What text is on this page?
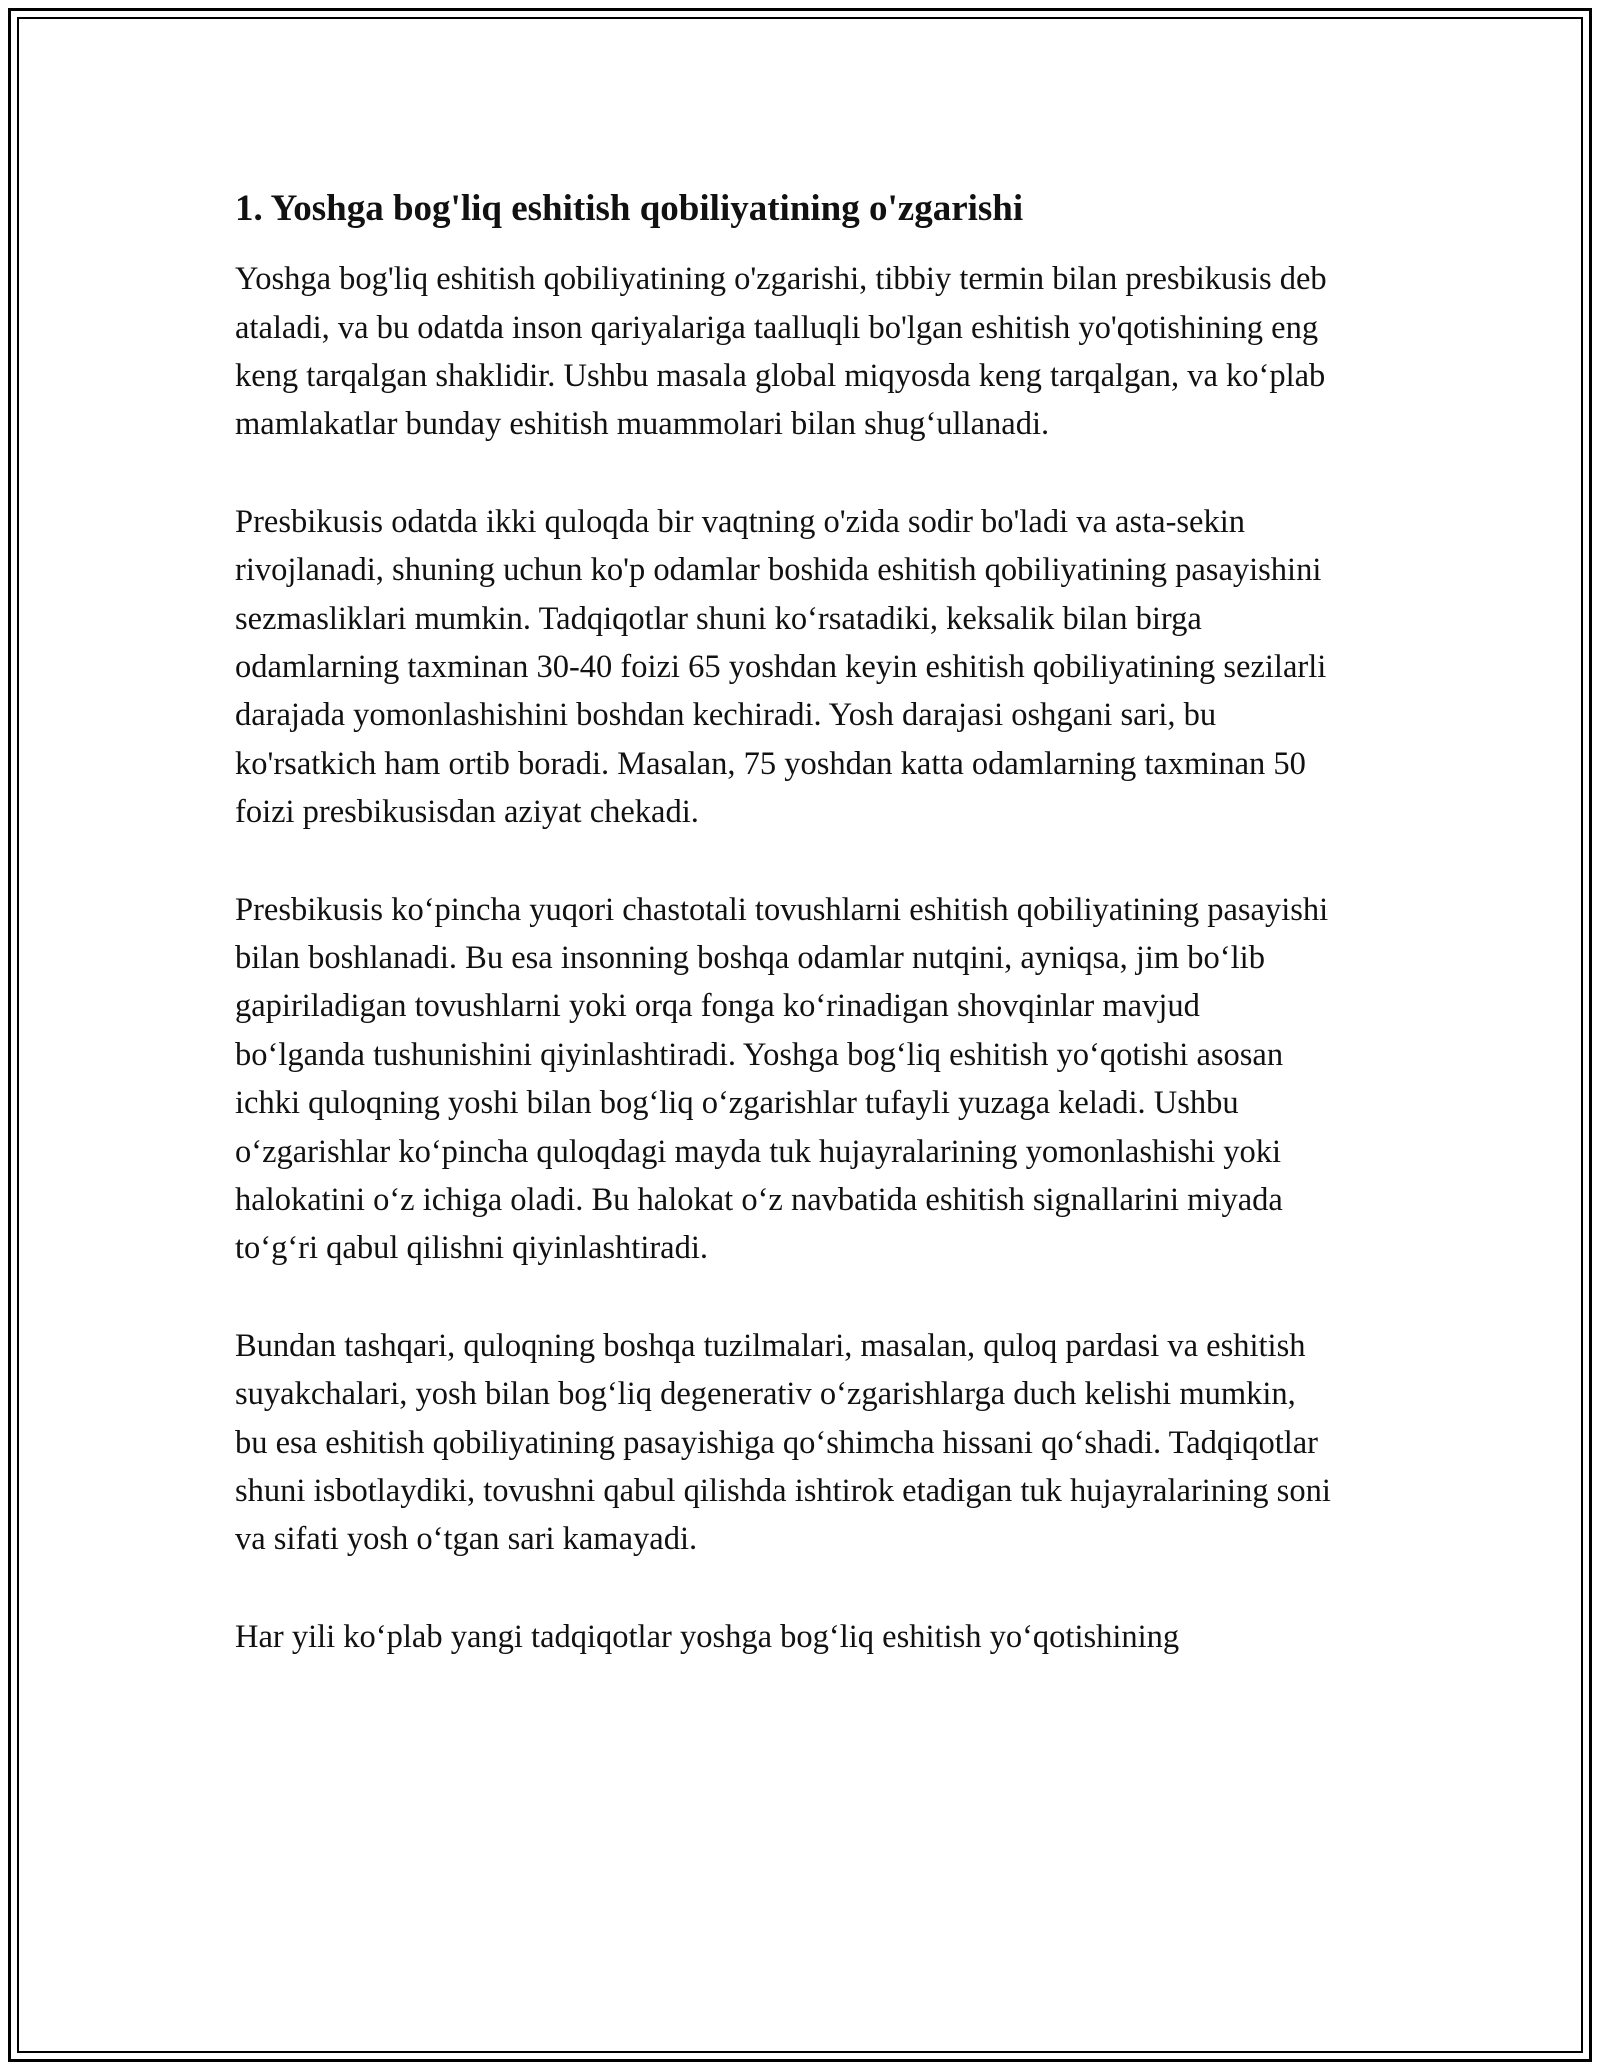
1. Yoshga bog'liq eshitish qobiliyatining o'zgarishi

Yoshga bog'liq eshitish qobiliyatining o'zgarishi, tibbiy termin bilan presbikusis deb ataladi, va bu odatda inson qariyalariga taalluqli bo'lgan eshitish yo'qotishining eng keng tarqalgan shaklidir. Ushbu masala global miqyosda keng tarqalgan, va ko‘plab mamlakatlar bunday eshitish muammolari bilan shug‘ullanadi.

Presbikusis odatda ikki quloqda bir vaqtning o'zida sodir bo'ladi va asta-sekin rivojlanadi, shuning uchun ko'p odamlar boshida eshitish qobiliyatining pasayishini sezmasliklari mumkin. Tadqiqotlar shuni ko‘rsatadiki, keksalik bilan birga odamlarning taxminan 30-40 foizi 65 yoshdan keyin eshitish qobiliyatining sezilarli darajada yomonlashishini boshdan kechiradi. Yosh darajasi oshgani sari, bu ko'rsatkich ham ortib boradi. Masalan, 75 yoshdan katta odamlarning taxminan 50 foizi presbikusisdan aziyat chekadi.

Presbikusis ko‘pincha yuqori chastotali tovushlarni eshitish qobiliyatining pasayishi bilan boshlanadi. Bu esa insonning boshqa odamlar nutqini, ayniqsa, jim bo‘lib gapiriladigan tovushlarni yoki orqa fonga ko‘rinadigan shovqinlar mavjud bo‘lganda tushunishini qiyinlashtiradi. Yoshga bog‘liq eshitish yo‘qotishi asosan ichki quloqning yoshi bilan bog‘liq o‘zgarishlar tufayli yuzaga keladi. Ushbu o‘zgarishlar ko‘pincha quloqdagi mayda tuk hujayralarining yomonlashishi yoki halokatini o‘z ichiga oladi. Bu halokat o‘z navbatida eshitish signallarini miyada to‘g‘ri qabul qilishni qiyinlashtiradi.

Bundan tashqari, quloqning boshqa tuzilmalari, masalan, quloq pardasi va eshitish suyakchalari, yosh bilan bog‘liq degenerativ o‘zgarishlarga duch kelishi mumkin, bu esa eshitish qobiliyatining pasayishiga qo‘shimcha hissani qo‘shadi. Tadqiqotlar shuni isbotlaydiki, tovushni qabul qilishda ishtirok etadigan tuk hujayralarining soni va sifati yosh o‘tgan sari kamayadi.

Har yili ko‘plab yangi tadqiqotlar yoshga bog‘liq eshitish yo‘qotishining
